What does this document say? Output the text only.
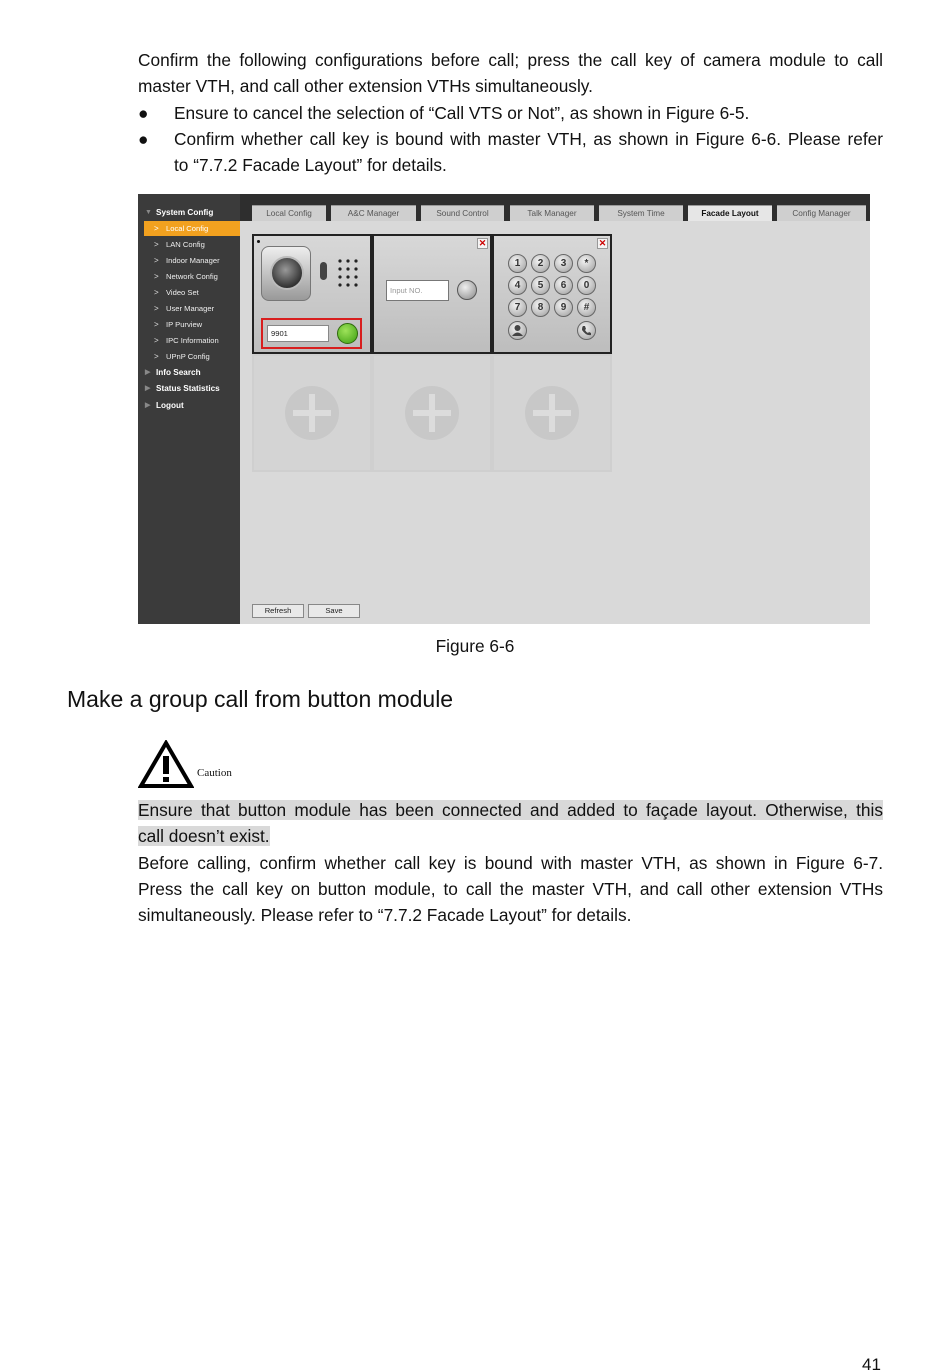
Confirm the following configurations before call; press the call key of camera module to call
master VTH, and call other extension VTHs simultaneously.
● Ensure to cancel the selection of “Call VTS or Not”, as shown in Figure 6-5.
● Confirm whether call key is bound with master VTH, as shown in Figure 6-6. Please refer
to “7.7.2 Facade Layout” for details.
▼ System Config
> Local Config
> LAN Config
> Indoor Manager
> Network Config
> Video Set
> User Manager
> IP Purview
> IPC Information
> UPnP Config
▶ Info Search
▶ Status Statistics
▶ Logout
Local Config	A&C Manager	Sound Control	Talk Manager	System Time	Facade Layout	Config Manager
9901
✕
Input NO.
✕
1	2	3	*
4	5	6	0
7	8	9	#
Refresh	Save
Figure 6-6
Make a group call from button module
Caution
Ensure that button module has been connected and added to façade layout. Otherwise, this
call doesn’t exist.
Before calling, confirm whether call key is bound with master VTH, as shown in Figure 6-7.
Press the call key on button module, to call the master VTH, and call other extension VTHs
simultaneously. Please refer to “7.7.2 Facade Layout” for details.
41
